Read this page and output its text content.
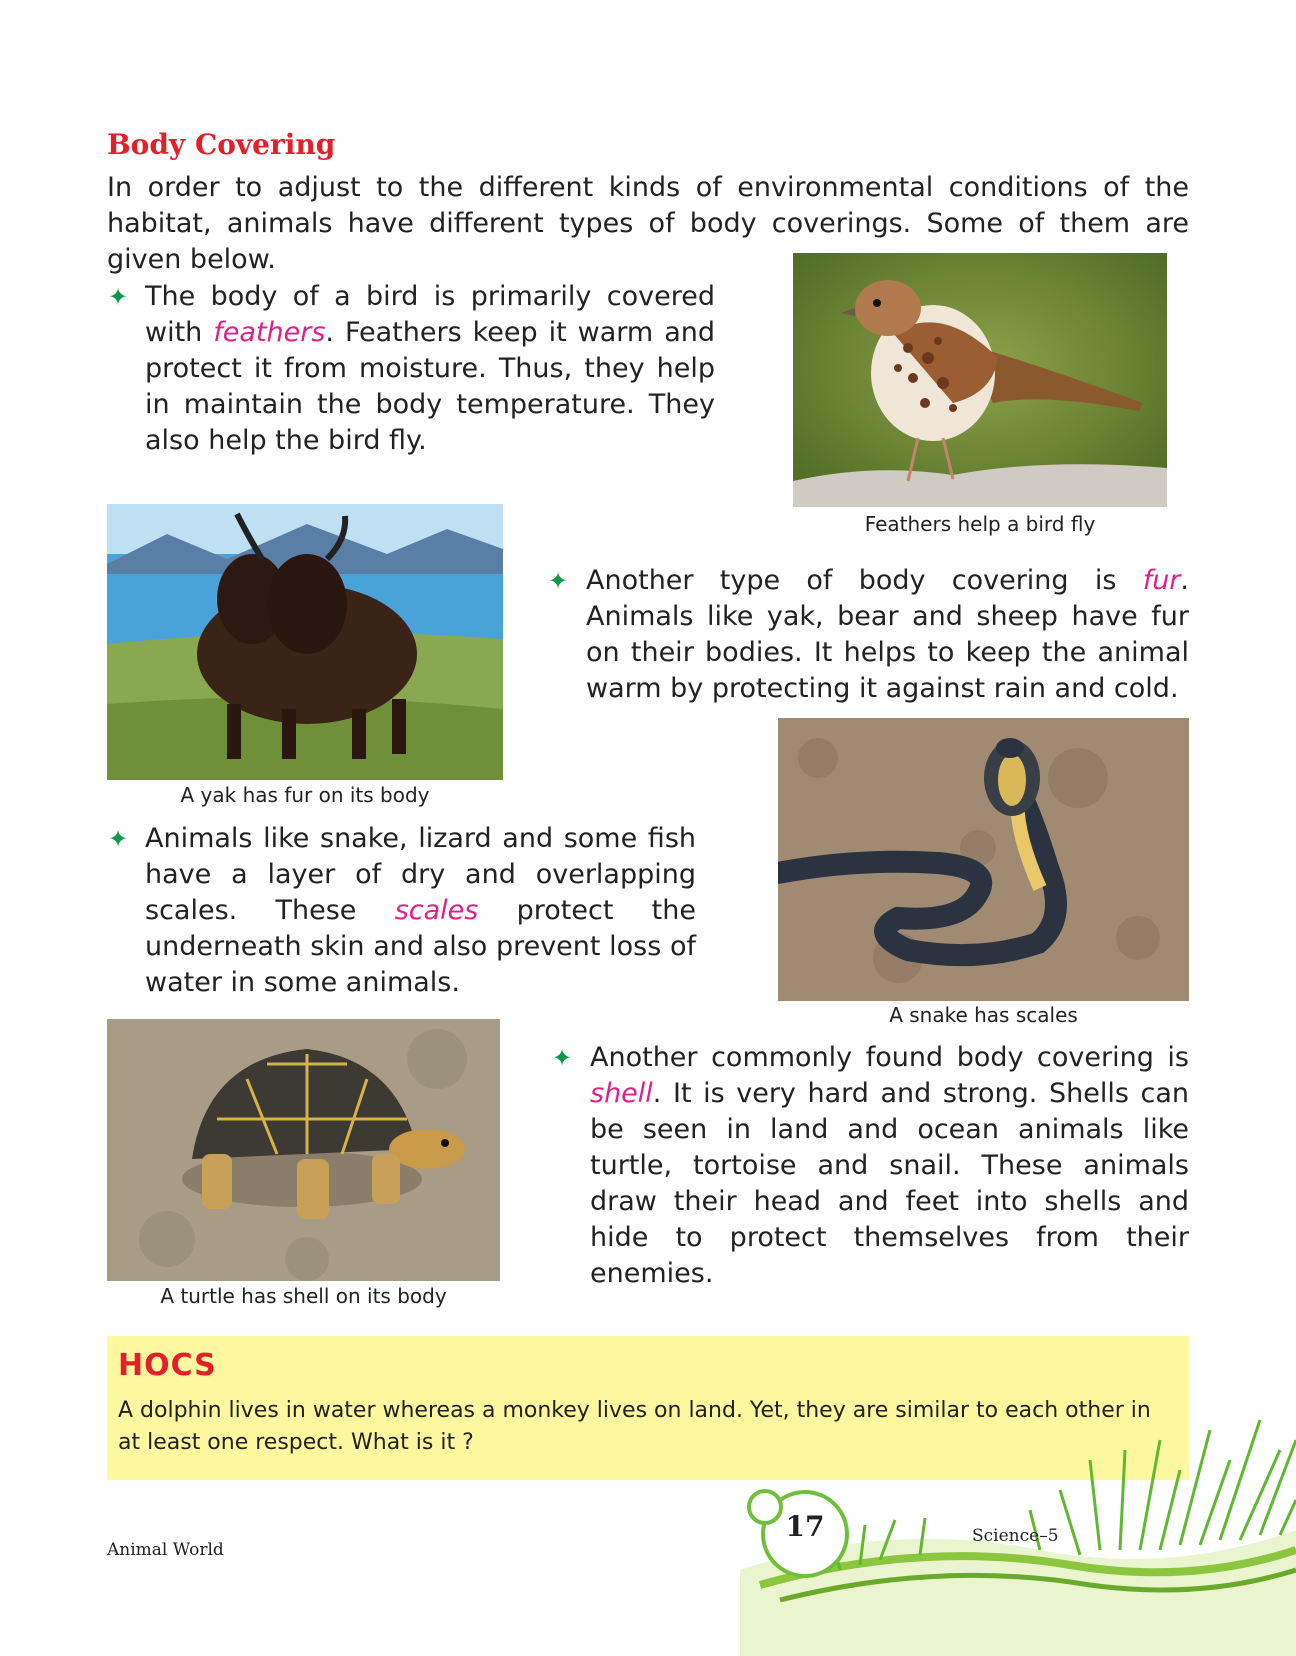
Body Covering
In order to adjust to the different kinds of environmental conditions of the habitat, animals have different types of body coverings. Some of them are given below.
✦ The body of a bird is primarily covered with feathers. Feathers keep it warm and protect it from moisture. Thus, they help in maintain the body temperature. They also help the bird fly.
Feathers help a bird fly
A yak has fur on its body
✦ Another type of body covering is fur. Animals like yak, bear and sheep have fur on their bodies. It helps to keep the animal warm by protecting it against rain and cold.
A snake has scales
✦ Animals like snake, lizard and some fish have a layer of dry and overlapping scales. These scales protect the underneath skin and also prevent loss of water in some animals.
A turtle has shell on its body
✦ Another commonly found body covering is shell. It is very hard and strong. Shells can be seen in land and ocean animals like turtle, tortoise and snail. These animals draw their head and feet into shells and hide to protect themselves from their enemies.
HOCS
A dolphin lives in water whereas a monkey lives on land. Yet, they are similar to each other in at least one respect. What is it ?
17
Animal World
Science–5
